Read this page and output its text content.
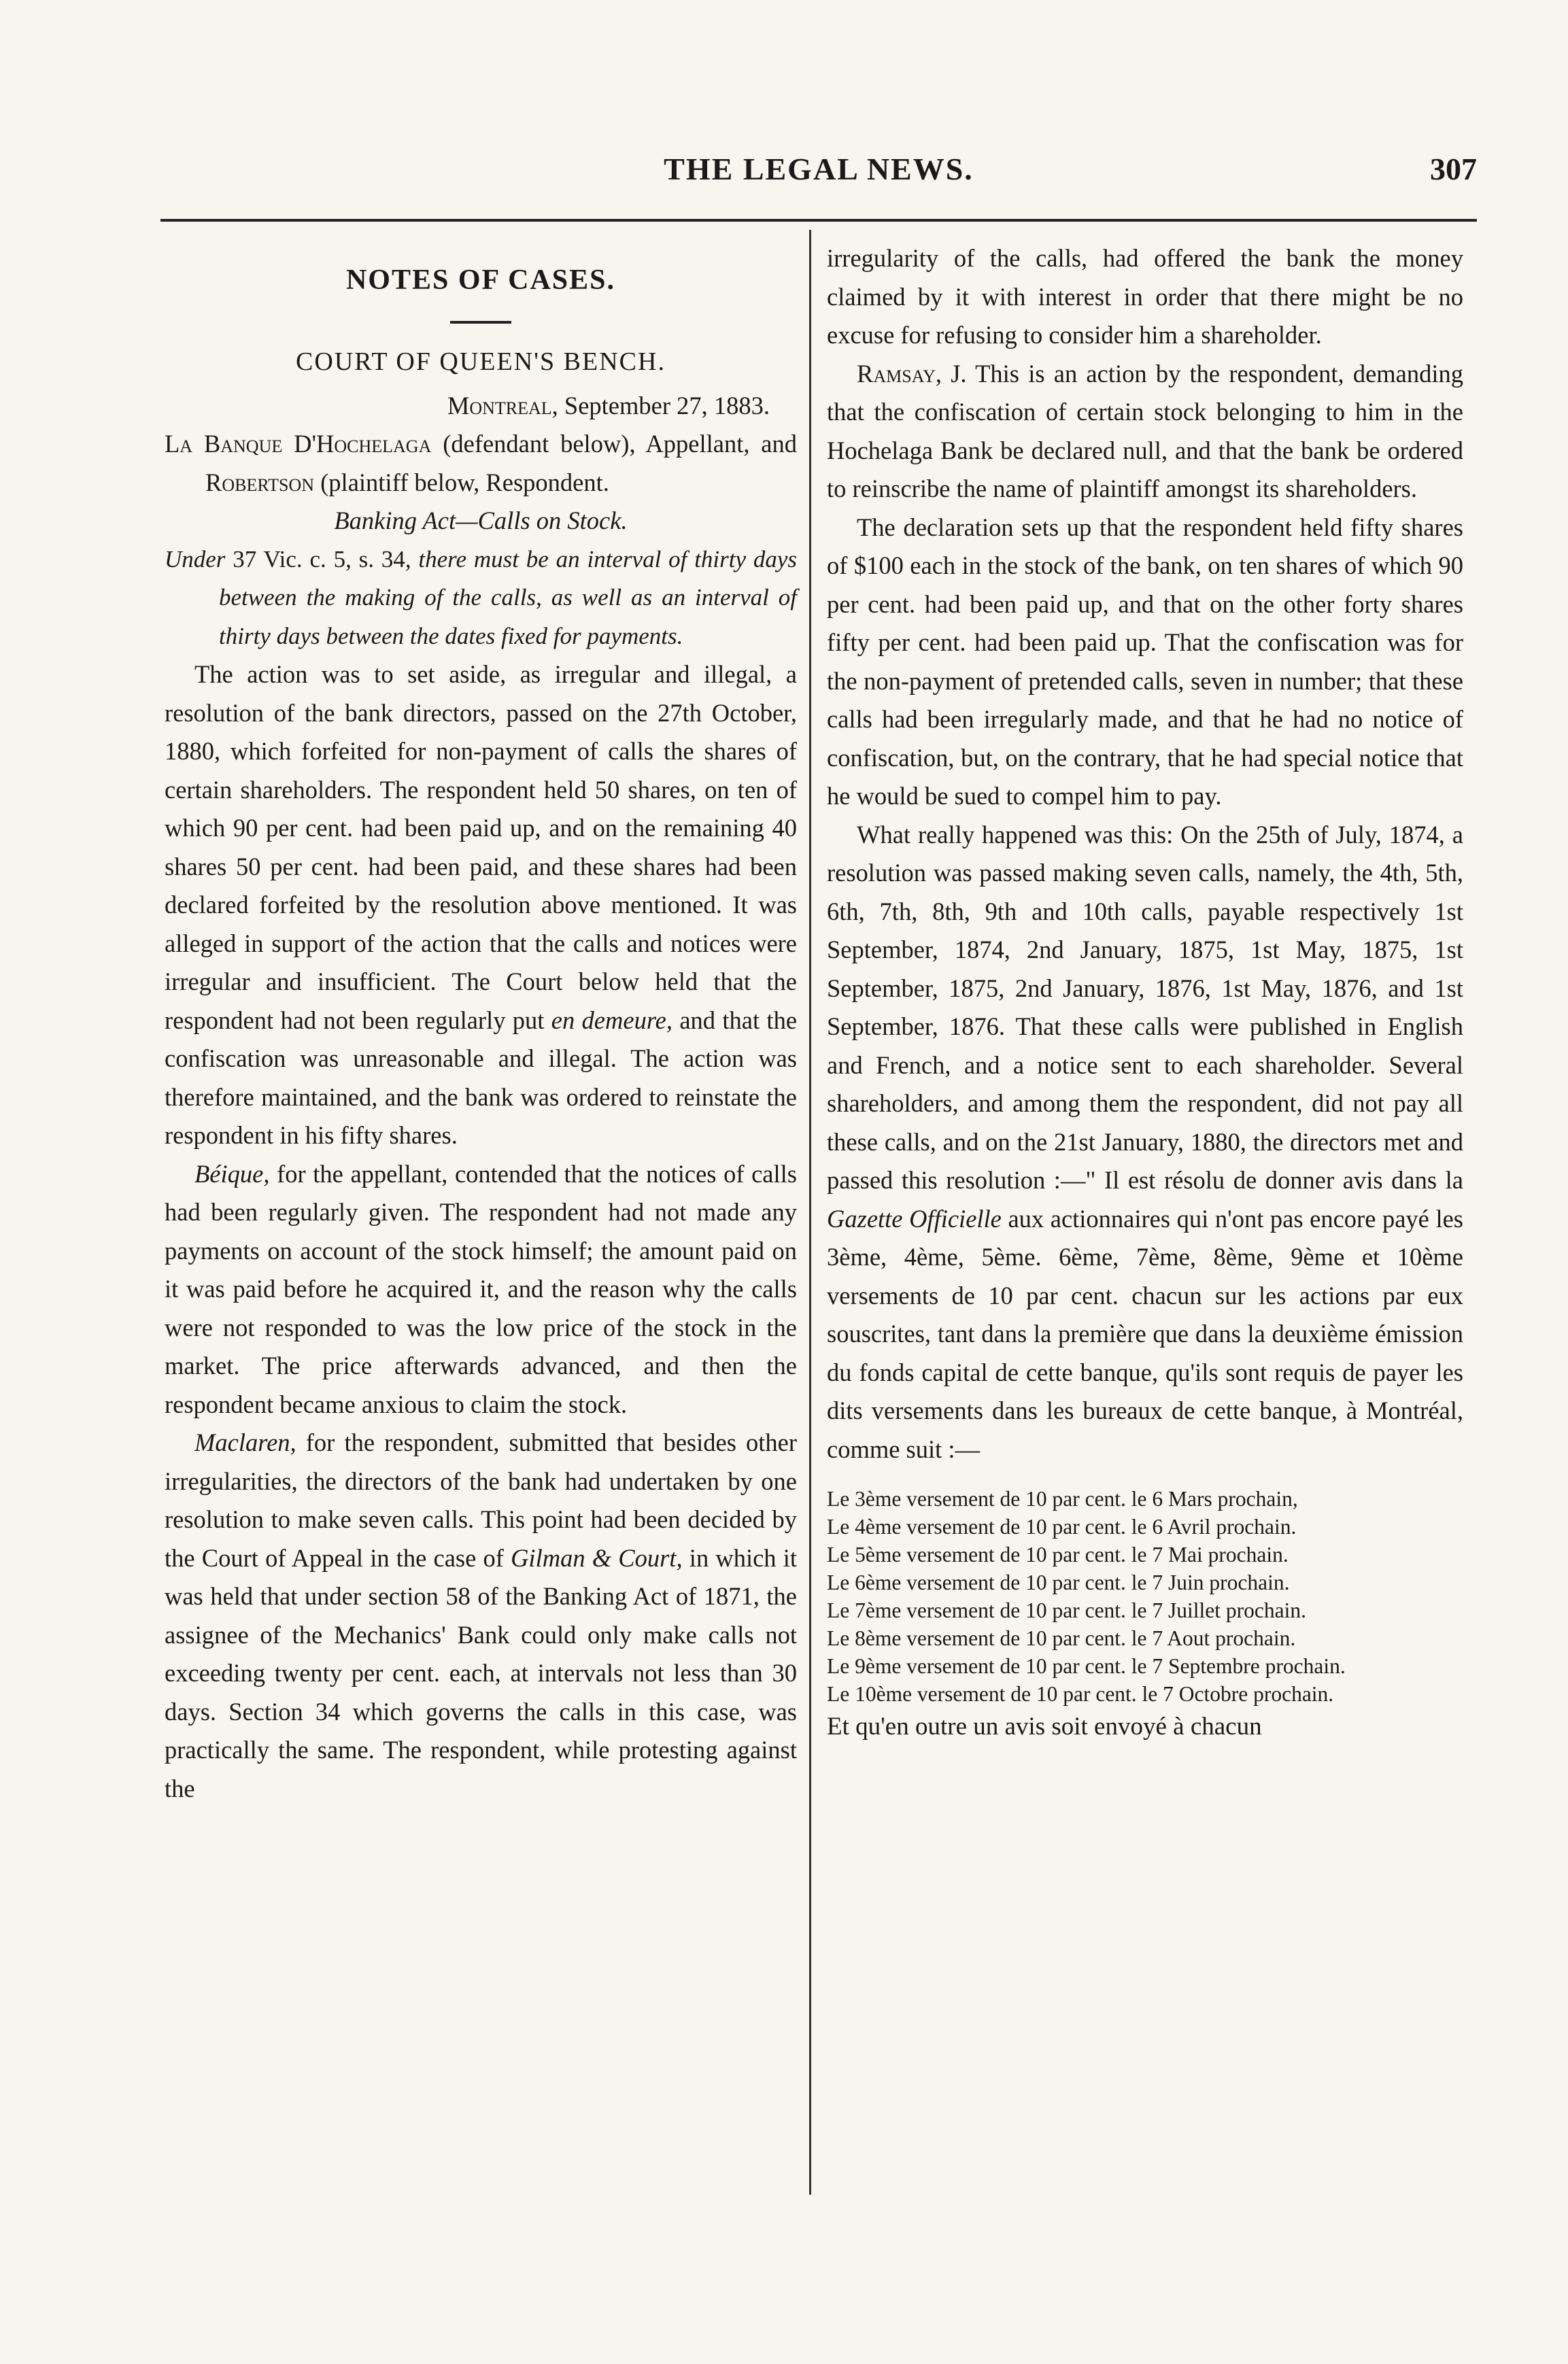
THE LEGAL NEWS.	307
NOTES OF CASES.
COURT OF QUEEN'S BENCH.

Montreal, September 27, 1883.

La Banque D'Hochelaga (defendant below), Appellant, and Robertson (plaintiff below, Respondent.

Banking Act—Calls on Stock.

Under 37 Vic. c. 5, s. 34, there must be an interval of thirty days between the making of the calls, as well as an interval of thirty days between the dates fixed for payments.

The action was to set aside, as irregular and illegal, a resolution of the bank directors, passed on the 27th October, 1880, which forfeited for non-payment of calls the shares of certain shareholders. The respondent held 50 shares, on ten of which 90 per cent. had been paid up, and on the remaining 40 shares 50 per cent. had been paid, and these shares had been declared forfeited by the resolution above mentioned. It was alleged in support of the action that the calls and notices were irregular and insufficient. The Court below held that the respondent had not been regularly put en demeure, and that the confiscation was unreasonable and illegal. The action was therefore maintained, and the bank was ordered to reinstate the respondent in his fifty shares.

Béique, for the appellant, contended that the notices of calls had been regularly given. The respondent had not made any payments on account of the stock himself; the amount paid on it was paid before he acquired it, and the reason why the calls were not responded to was the low price of the stock in the market. The price afterwards advanced, and then the respondent became anxious to claim the stock.

Maclaren, for the respondent, submitted that besides other irregularities, the directors of the bank had undertaken by one resolution to make seven calls. This point had been decided by the Court of Appeal in the case of Gilman & Court, in which it was held that under section 58 of the Banking Act of 1871, the assignee of the Mechanics' Bank could only make calls not exceeding twenty per cent. each, at intervals not less than 30 days. Section 34 which governs the calls in this case, was practically the same. The respondent, while protesting against the

irregularity of the calls, had offered the bank the money claimed by it with interest in order that there might be no excuse for refusing to consider him a shareholder.

Ramsay, J. This is an action by the respondent, demanding that the confiscation of certain stock belonging to him in the Hochelaga Bank be declared null, and that the bank be ordered to reinscribe the name of plaintiff amongst its shareholders.

The declaration sets up that the respondent held fifty shares of $100 each in the stock of the bank, on ten shares of which 90 per cent. had been paid up, and that on the other forty shares fifty per cent. had been paid up. That the confiscation was for the non-payment of pretended calls, seven in number; that these calls had been irregularly made, and that he had no notice of confiscation, but, on the contrary, that he had special notice that he would be sued to compel him to pay.

What really happened was this: On the 25th of July, 1874, a resolution was passed making seven calls, namely, the 4th, 5th, 6th, 7th, 8th, 9th and 10th calls, payable respectively 1st September, 1874, 2nd January, 1875, 1st May, 1875, 1st September, 1875, 2nd January, 1876, 1st May, 1876, and 1st September, 1876. That these calls were published in English and French, and a notice sent to each shareholder. Several shareholders, and among them the respondent, did not pay all these calls, and on the 21st January, 1880, the directors met and passed this resolution :—" Il est résolu de donner avis dans la Gazette Officielle aux actionnaires qui n'ont pas encore payé les 3ème, 4ème, 5ème. 6ème, 7ème, 8ème, 9ème et 10ème versements de 10 par cent. chacun sur les actions par eux souscrites, tant dans la première que dans la deuxième émission du fonds capital de cette banque, qu'ils sont requis de payer les dits versements dans les bureaux de cette banque, à Montréal, comme suit :—

Le 3ème versement de 10 par cent. le 6 Mars prochain,
Le 4ème versement de 10 par cent. le 6 Avril prochain.
Le 5ème versement de 10 par cent. le 7 Mai prochain.
Le 6ème versement de 10 par cent. le 7 Juin prochain.
Le 7ème versement de 10 par cent. le 7 Juillet prochain.
Le 8ème versement de 10 par cent. le 7 Aout prochain.
Le 9ème versement de 10 par cent. le 7 Septembre prochain.
Le 10ème versement de 10 par cent. le 7 Octobre prochain.

Et qu'en outre un avis soit envoyé à chacun
